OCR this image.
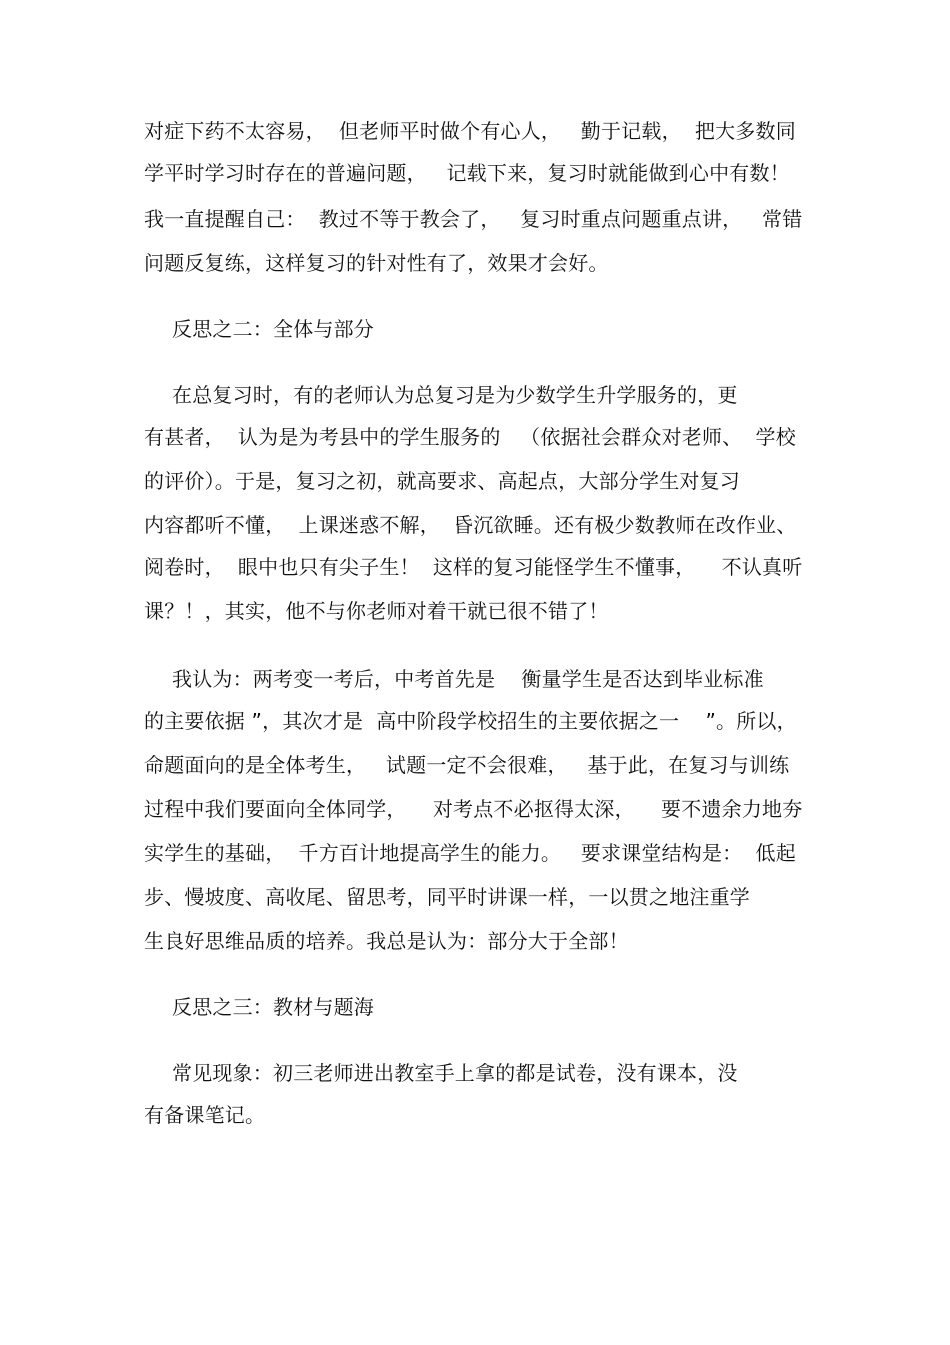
对症下药不太容易，  但老师平时做个有心人，   勤于记载，  把大多数同
学平时学习时存在的普遍问题，   记载下来，复习时就能做到心中有数！
我一直提醒自己：  教过不等于教会了，   复习时重点问题重点讲，   常错
问题反复练，这样复习的针对性有了，效果才会好。
反思之二：全体与部分
在总复习时，有的老师认为总复习是为少数学生升学服务的，更
有甚者，  认为是为考县中的学生服务的   （依据社会群众对老师、  学校
的评价）。于是，复习之初，就高要求、高起点，大部分学生对复习
内容都听不懂，  上课迷惑不解，  昏沉欲睡。还有极少数教师在改作业、
阅卷时，  眼中也只有尖子生！  这样的复习能怪学生不懂事，    不认真听
课？！，其实，他不与你老师对着干就已很不错了！
我认为：两考变一考后，中考首先是    衡量学生是否达到毕业标准
的主要依据 ”，其次才是  高中阶段学校招生的主要依据之一    ”。所以，
命题面向的是全体考生，   试题一定不会很难，   基于此，在复习与训练
过程中我们要面向全体同学，    对考点不必抠得太深，    要不遗余力地夯
实学生的基础，  千方百计地提高学生的能力。   要求课堂结构是：  低起
步、慢坡度、高收尾、留思考，同平时讲课一样，一以贯之地注重学
生良好思维品质的培养。我总是认为：部分大于全部！
反思之三：教材与题海
常见现象：初三老师进出教室手上拿的都是试卷，没有课本，没
有备课笔记。
